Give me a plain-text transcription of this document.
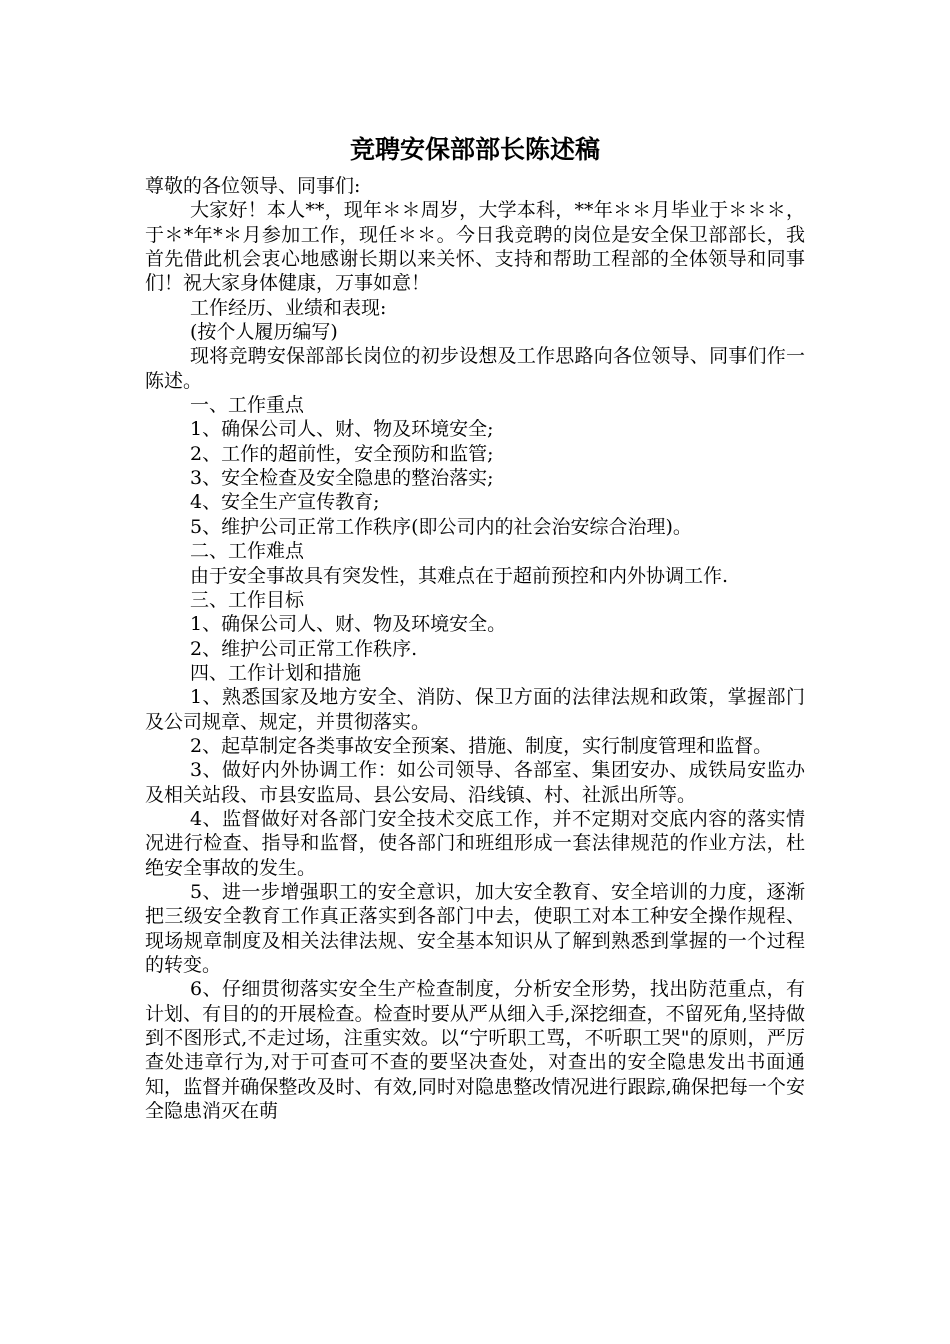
竞聘安保部部长陈述稿

尊敬的各位领导、同事们:

大家好！本人**，现年＊＊周岁，大学本科，**年＊＊月毕业于＊＊＊，于＊*年*＊月参加工作，现任＊＊。今日我竞聘的岗位是安全保卫部部长，我首先借此机会衷心地感谢长期以来关怀、支持和帮助工程部的全体领导和同事们！祝大家身体健康，万事如意！

工作经历、业绩和表现:

(按个人履历编写)

现将竞聘安保部部长岗位的初步设想及工作思路向各位领导、同事们作一陈述。

一、工作重点

1、确保公司人、财、物及环境安全;

2、工作的超前性，安全预防和监管;

3、安全检查及安全隐患的整治落实;

4、安全生产宣传教育;

5、维护公司正常工作秩序(即公司内的社会治安综合治理)。

二、工作难点

由于安全事故具有突发性，其难点在于超前预控和内外协调工作.

三、工作目标

1、确保公司人、财、物及环境安全。

2、维护公司正常工作秩序.

四、工作计划和措施

1、熟悉国家及地方安全、消防、保卫方面的法律法规和政策，掌握部门及公司规章、规定，并贯彻落实。

2、起草制定各类事故安全预案、措施、制度，实行制度管理和监督。

3、做好内外协调工作：如公司领导、各部室、集团安办、成铁局安监办及相关站段、市县安监局、县公安局、沿线镇、村、社派出所等。

4、监督做好对各部门安全技术交底工作，并不定期对交底内容的落实情况进行检查、指导和监督，使各部门和班组形成一套法律规范的作业方法，杜绝安全事故的发生。

5、进一步增强职工的安全意识，加大安全教育、安全培训的力度，逐渐把三级安全教育工作真正落实到各部门中去，使职工对本工种安全操作规程、现场规章制度及相关法律法规、安全基本知识从了解到熟悉到掌握的一个过程的转变。

6、仔细贯彻落实安全生产检查制度，分析安全形势，找出防范重点，有计划、有目的的开展检查。检查时要从严从细入手,深挖细查，不留死角,坚持做到不图形式,不走过场，注重实效。以“宁听职工骂，不听职工哭"的原则，严厉查处违章行为,对于可查可不查的要坚决查处，对查出的安全隐患发出书面通知，监督并确保整改及时、有效,同时对隐患整改情况进行跟踪,确保把每一个安全隐患消灭在萌
